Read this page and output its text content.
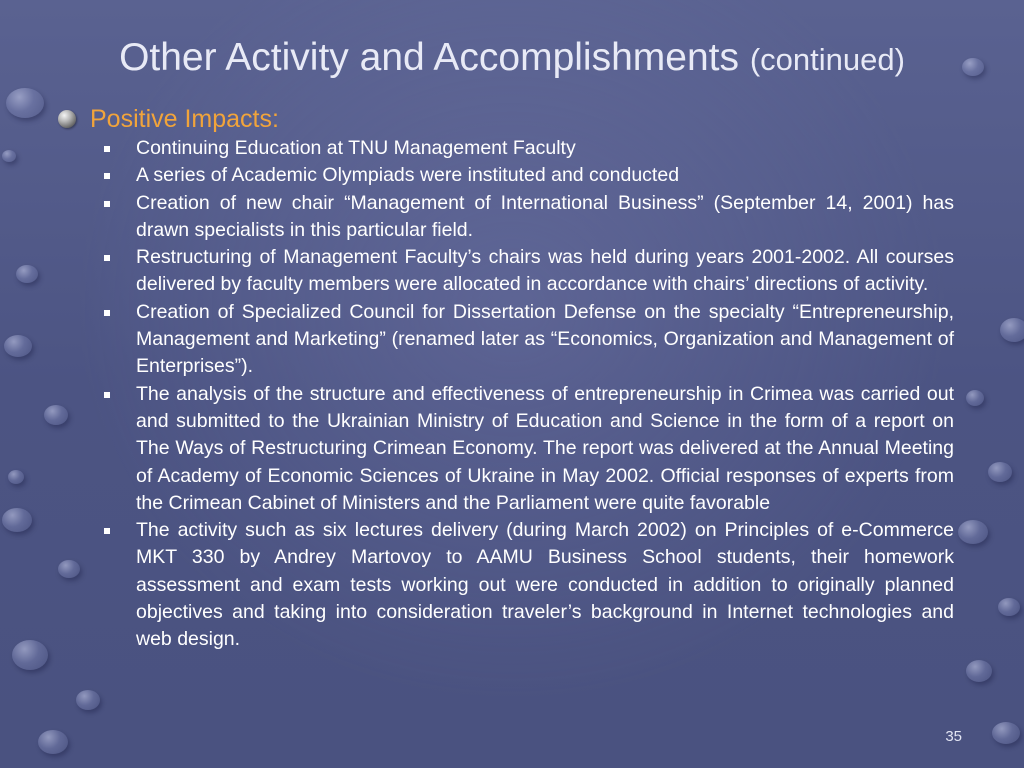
Other Activity and Accomplishments (continued)
Positive Impacts:
Continuing Education at TNU Management Faculty
A series of Academic Olympiads were instituted and conducted
Creation of new chair “Management of International Business” (September 14, 2001) has drawn specialists in this particular field.
Restructuring of Management Faculty’s chairs was held during years 2001-2002. All courses delivered by faculty members were allocated in accordance with chairs’ directions of activity.
Creation of Specialized Council for Dissertation Defense on the specialty “Entrepreneurship, Management and Marketing” (renamed later as “Economics, Organization and Management of Enterprises”).
The analysis of the structure and effectiveness of entrepreneurship in Crimea was carried out and submitted to the Ukrainian Ministry of Education and Science in the form of a report on The Ways of Restructuring Crimean Economy. The report was delivered at the Annual Meeting of Academy of Economic Sciences of Ukraine in May 2002. Official responses of experts from the Crimean Cabinet of Ministers and the Parliament were quite favorable
The activity such as six lectures delivery (during March 2002) on Principles of e-Commerce MKT 330 by Andrey Martovoy to AAMU Business School students, their homework assessment and exam tests working out were conducted in addition to originally planned objectives and taking into consideration traveler’s background in Internet technologies and web design.
35
